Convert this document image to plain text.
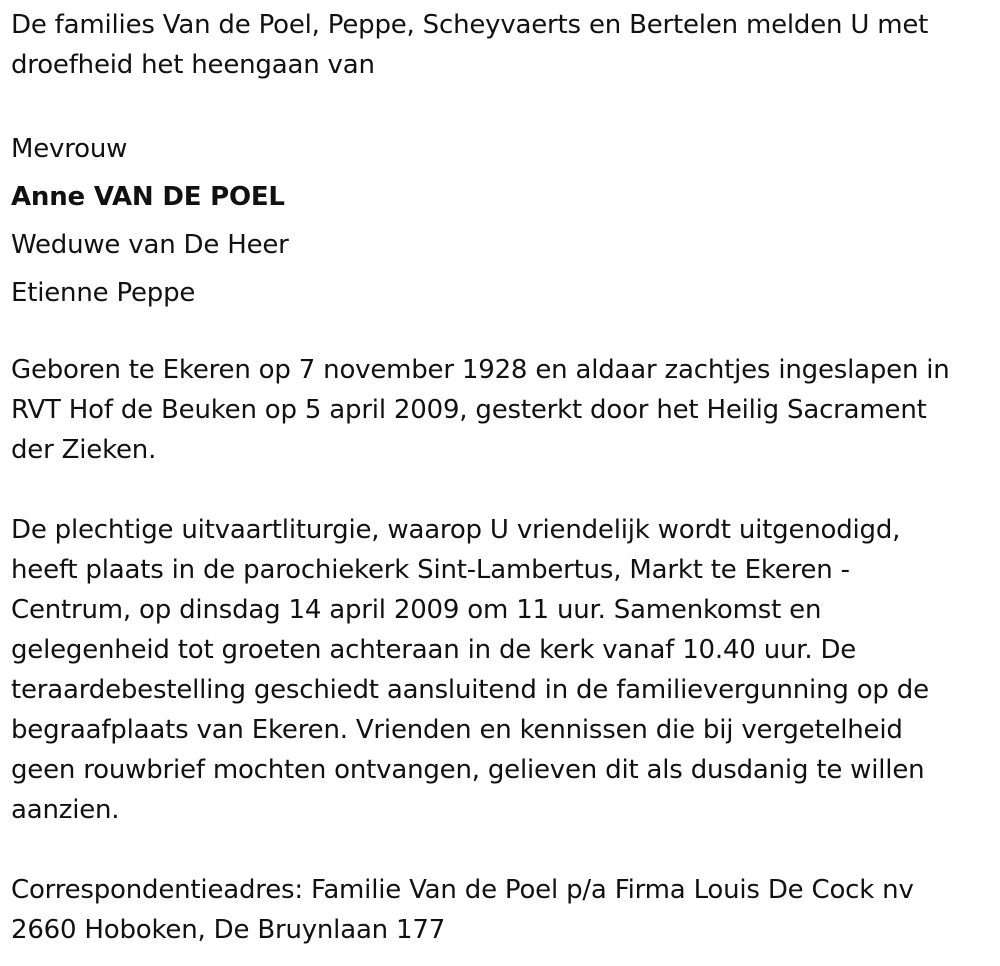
De families Van de Poel, Peppe, Scheyvaerts en Bertelen melden U met

droefheid het heengaan van

Mevrouw

Anne VAN DE POEL

Weduwe van De Heer

Etienne Peppe

Geboren te Ekeren op 7 november 1928 en aldaar zachtjes ingeslapen in

RVT Hof de Beuken op 5 april 2009, gesterkt door het Heilig Sacrament

der Zieken.

De plechtige uitvaartliturgie, waarop U vriendelijk wordt uitgenodigd,

heeft plaats in de parochiekerk Sint-Lambertus, Markt te Ekeren -

Centrum, op dinsdag 14 april 2009 om 11 uur. Samenkomst en

gelegenheid tot groeten achteraan in de kerk vanaf 10.40 uur. De

teraardebestelling geschiedt aansluitend in de familievergunning op de

begraafplaats van Ekeren. Vrienden en kennissen die bij vergetelheid

geen rouwbrief mochten ontvangen, gelieven dit als dusdanig te willen

aanzien.

Correspondentieadres: Familie Van de Poel p/a Firma Louis De Cock nv

2660 Hoboken, De Bruynlaan 177
